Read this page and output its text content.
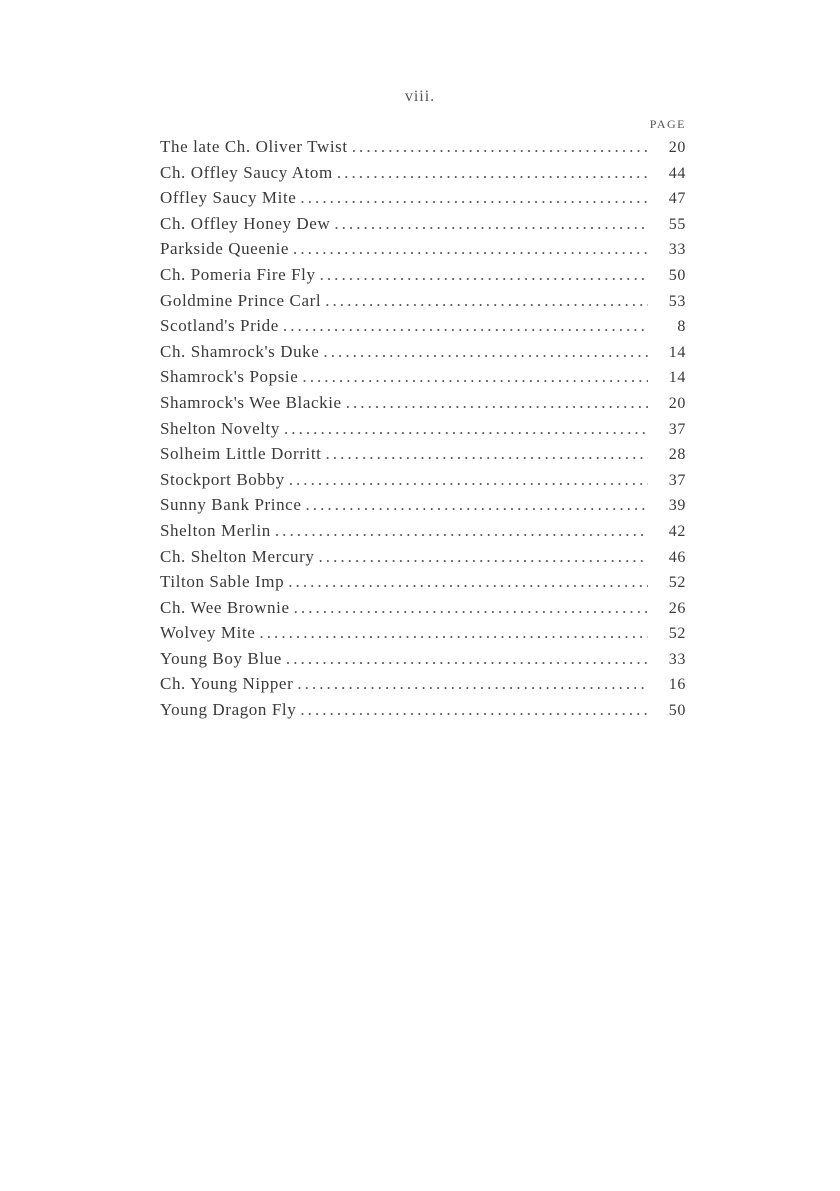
viii.
PAGE
The late Ch. Oliver Twist . . .	20
Ch. Offley Saucy Atom . . .	44
Offley Saucy Mite . . .	47
Ch. Offley Honey Dew . . .	55
Parkside Queenie . . .	33
Ch. Pomeria Fire Fly . . .	50
Goldmine Prince Carl . . .	53
Scotland's Pride . . .	8
Ch. Shamrock's Duke . . .	14
Shamrock's Popsie . . .	14
Shamrock's Wee Blackie . . .	20
Shelton Novelty . . .	37
Solheim Little Dorritt . . .	28
Stockport Bobby . . .	37
Sunny Bank Prince . . .	39
Shelton Merlin . . .	42
Ch. Shelton Mercury . . .	46
Tilton Sable Imp . . .	52
Ch. Wee Brownie . . .	26
Wolvey Mite . . .	52
Young Boy Blue . . .	33
Ch. Young Nipper . . .	16
Young Dragon Fly . . .	50
